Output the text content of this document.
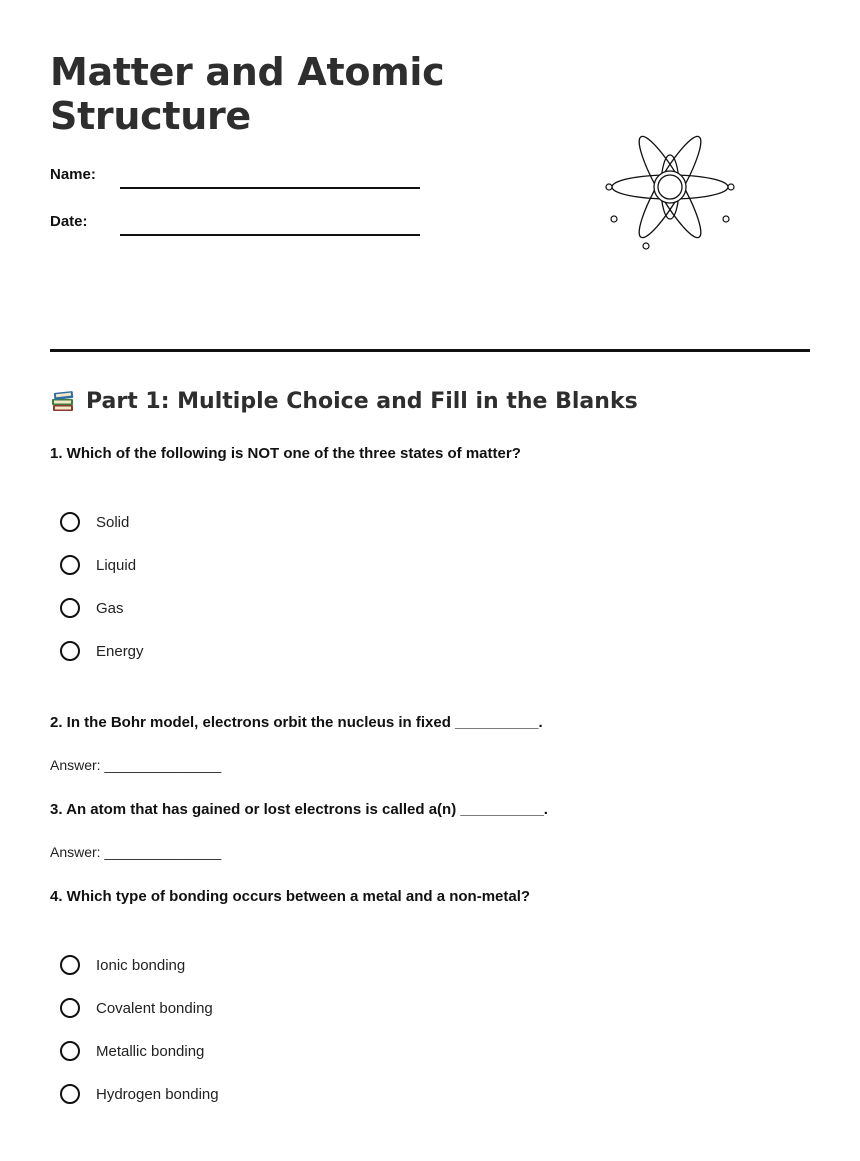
Matter and Atomic Structure
Name:
Date:
Part 1: Multiple Choice and Fill in the Blanks

1. Which of the following is NOT one of the three states of matter?

Solid
Liquid
Gas
Energy

2. In the Bohr model, electrons orbit the nucleus in fixed __________.

Answer: _______________

3. An atom that has gained or lost electrons is called a(n) __________.

Answer: _______________

4. Which type of bonding occurs between a metal and a non-metal?

Ionic bonding
Covalent bonding
Metallic bonding
Hydrogen bonding
